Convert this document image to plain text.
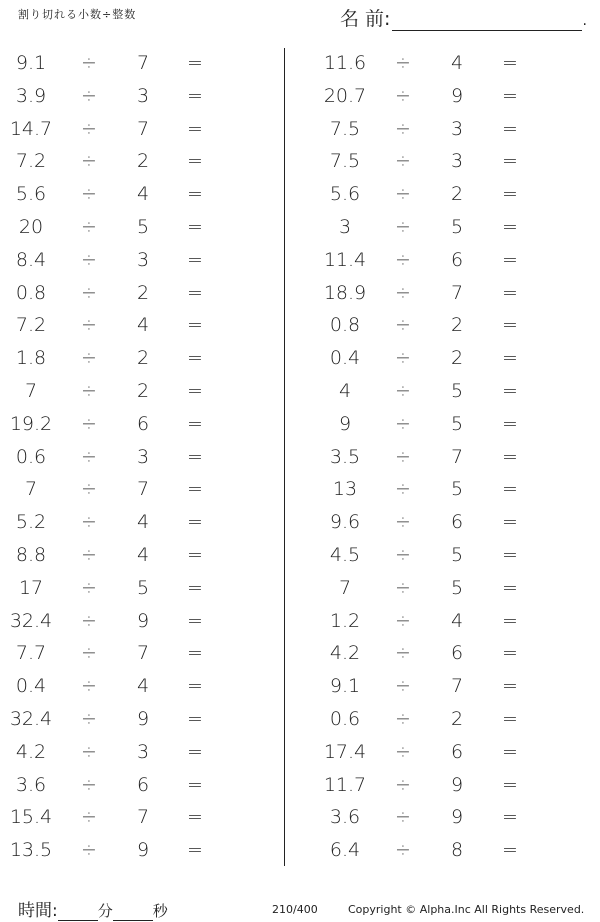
割り切れる小数÷整数	名 前:	.
9.1	÷	7	=
3.9	÷	3	=
14.7	÷	7	=
7.2	÷	2	=
5.6	÷	4	=
20	÷	5	=
8.4	÷	3	=
0.8	÷	2	=
7.2	÷	4	=
1.8	÷	2	=
7	÷	2	=
19.2	÷	6	=
0.6	÷	3	=
7	÷	7	=
5.2	÷	4	=
8.8	÷	4	=
17	÷	5	=
32.4	÷	9	=
7.7	÷	7	=
0.4	÷	4	=
32.4	÷	9	=
4.2	÷	3	=
3.6	÷	6	=
15.4	÷	7	=
13.5	÷	9	=
11.6	÷	4	=
20.7	÷	9	=
7.5	÷	3	=
7.5	÷	3	=
5.6	÷	2	=
3	÷	5	=
11.4	÷	6	=
18.9	÷	7	=
0.8	÷	2	=
0.4	÷	2	=
4	÷	5	=
9	÷	5	=
3.5	÷	7	=
13	÷	5	=
9.6	÷	6	=
4.5	÷	5	=
7	÷	5	=
1.2	÷	4	=
4.2	÷	6	=
9.1	÷	7	=
0.6	÷	2	=
17.4	÷	6	=
11.7	÷	9	=
3.6	÷	9	=
6.4	÷	8	=
時間:	分	秒	210/400	Copyright © Alpha.Inc All Rights Reserved.
